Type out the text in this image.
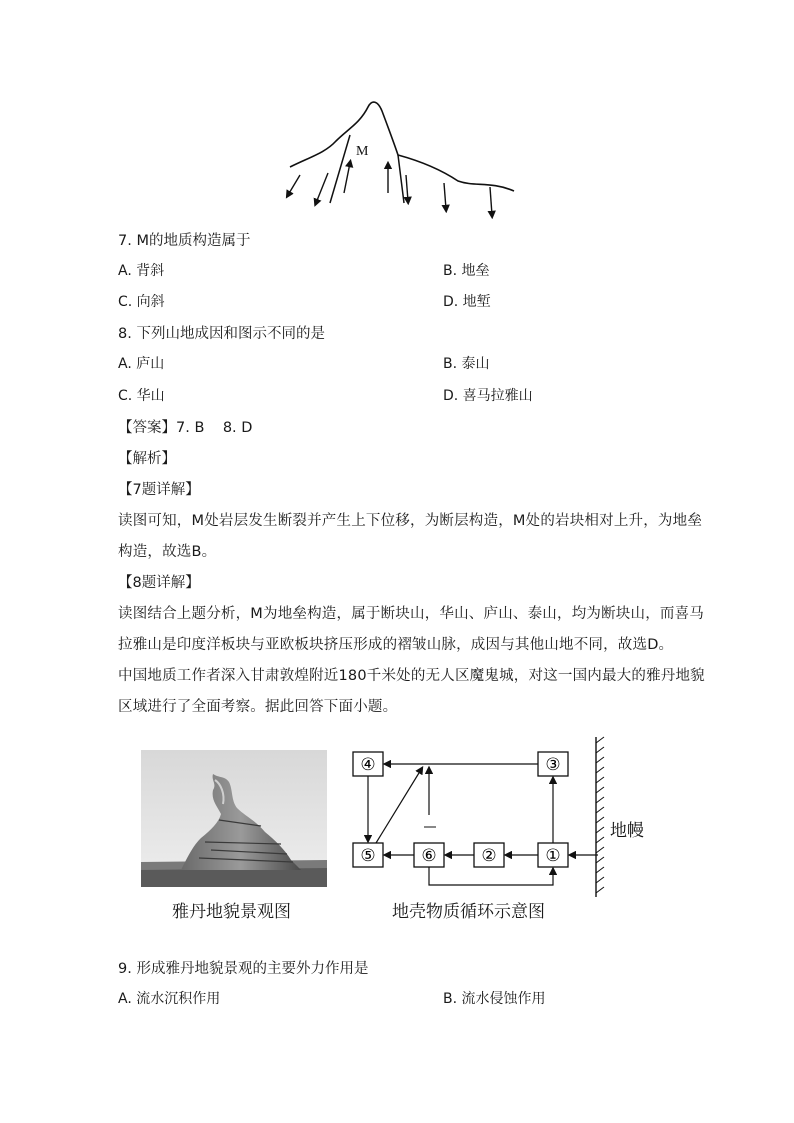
M
7. M的地质构造属于
A. 背斜	B. 地垒
C. 向斜	D. 地堑
8. 下列山地成因和图示不同的是
A. 庐山	B. 泰山
C. 华山	D. 喜马拉雅山
【答案】7. B    8. D
【解析】
【7题详解】
读图可知，M处岩层发生断裂并产生上下位移，为断层构造，M处的岩块相对上升，为地垒
构造，故选B。
【8题详解】
读图结合上题分析，M为地垒构造，属于断块山，华山、庐山、泰山，均为断块山，而喜马
拉雅山是印度洋板块与亚欧板块挤压形成的褶皱山脉，成因与其他山地不同，故选D。
中国地质工作者深入甘肃敦煌附近180千米处的无人区魔鬼城，对这一国内最大的雅丹地貌
区域进行了全面考察。据此回答下面小题。
雅丹地貌景观图
④	③
⑤	⑥	②	①
地幔
地壳物质循环示意图
9. 形成雅丹地貌景观的主要外力作用是
A. 流水沉积作用	B. 流水侵蚀作用
